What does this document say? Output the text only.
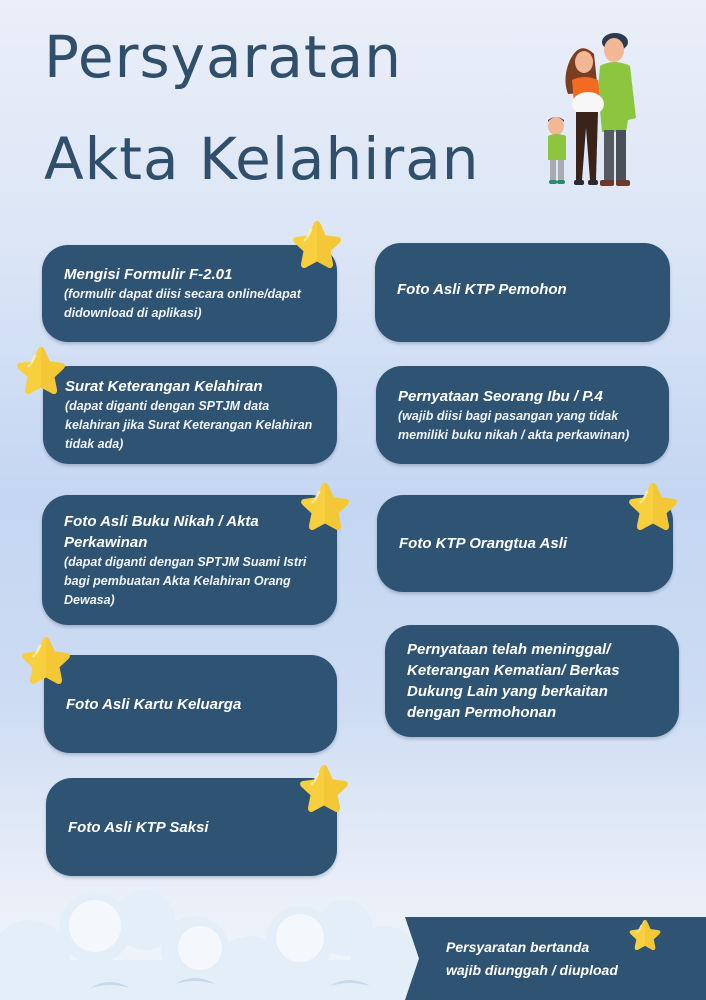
Persyaratan
Akta Kelahiran
Mengisi Formulir F-2.01
(formulir dapat diisi secara online/dapat didownload di aplikasi)
Foto Asli KTP Pemohon
Surat Keterangan Kelahiran
(dapat diganti dengan SPTJM data kelahiran jika Surat Keterangan Kelahiran tidak ada)
Pernyataan Seorang Ibu / P.4
(wajib diisi bagi pasangan yang tidak memiliki buku nikah / akta perkawinan)
Foto Asli Buku Nikah / Akta Perkawinan
(dapat diganti dengan SPTJM Suami Istri bagi pembuatan Akta Kelahiran Orang Dewasa)
Foto KTP Orangtua Asli
Foto Asli Kartu Keluarga
Pernyataan telah meninggal/ Keterangan Kematian/ Berkas Dukung Lain yang berkaitan dengan Permohonan
Foto Asli KTP Saksi
Persyaratan bertanda
wajib diunggah / diupload
